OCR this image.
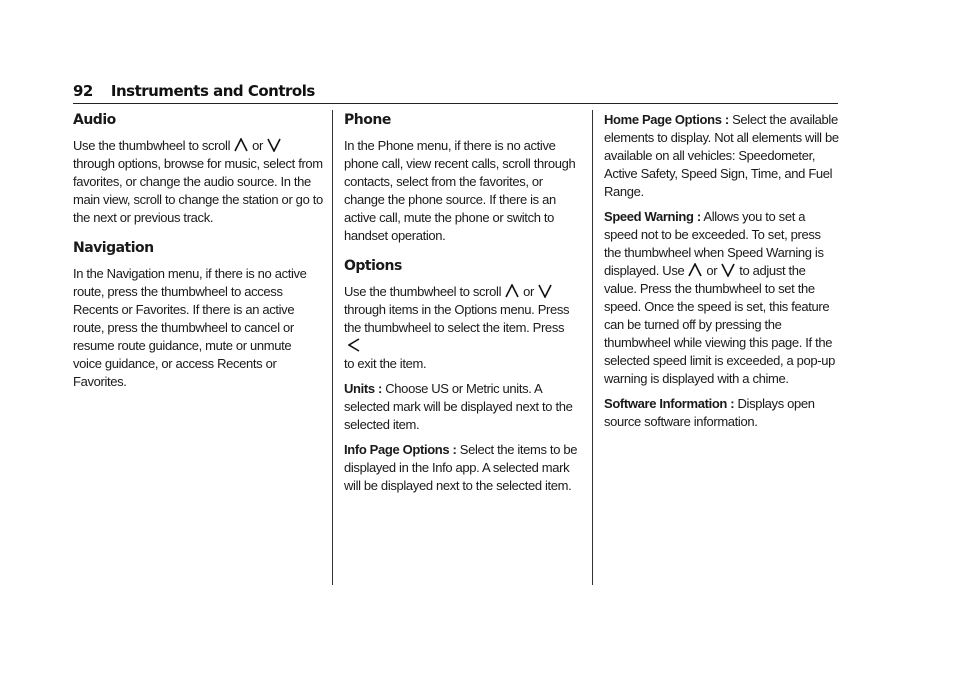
92 Instruments and Controls
Audio

Use the thumbwheel to scroll or

through options, browse for music, select from favorites, or change the audio source. In the main view, scroll to change the station or go to the next or previous track.

Navigation

In the Navigation menu, if there is no active route, press the thumbwheel to access Recents or Favorites. If there is an active route, press the thumbwheel to cancel or resume route guidance, mute or unmute voice guidance, or access Recents or Favorites.

Phone

In the Phone menu, if there is no active phone call, view recent calls, scroll through contacts, select from the favorites, or change the phone source. If there is an active call, mute the phone or switch to handset operation.

Options

Use the thumbwheel to scroll or

through items in the Options menu. Press the thumbwheel to select the item. Press

to exit the item.

Units : Choose US or Metric units. A selected mark will be displayed next to the selected item.

Info Page Options : Select the items to be displayed in the Info app. A selected mark will be displayed next to the selected item.

Home Page Options : Select the available elements to display. Not all elements will be available on all vehicles: Speedometer, Active Safety, Speed Sign, Time, and Fuel Range.

Speed Warning : Allows you to set a speed not to be exceeded. To set, press the thumbwheel when Speed Warning is displayed. Use or to adjust the value. Press the thumbwheel to set the speed. Once the speed is set, this feature can be turned off by pressing the thumbwheel while viewing this page. If the selected speed limit is exceeded, a pop-up warning is displayed with a chime.

Software Information : Displays open source software information.
